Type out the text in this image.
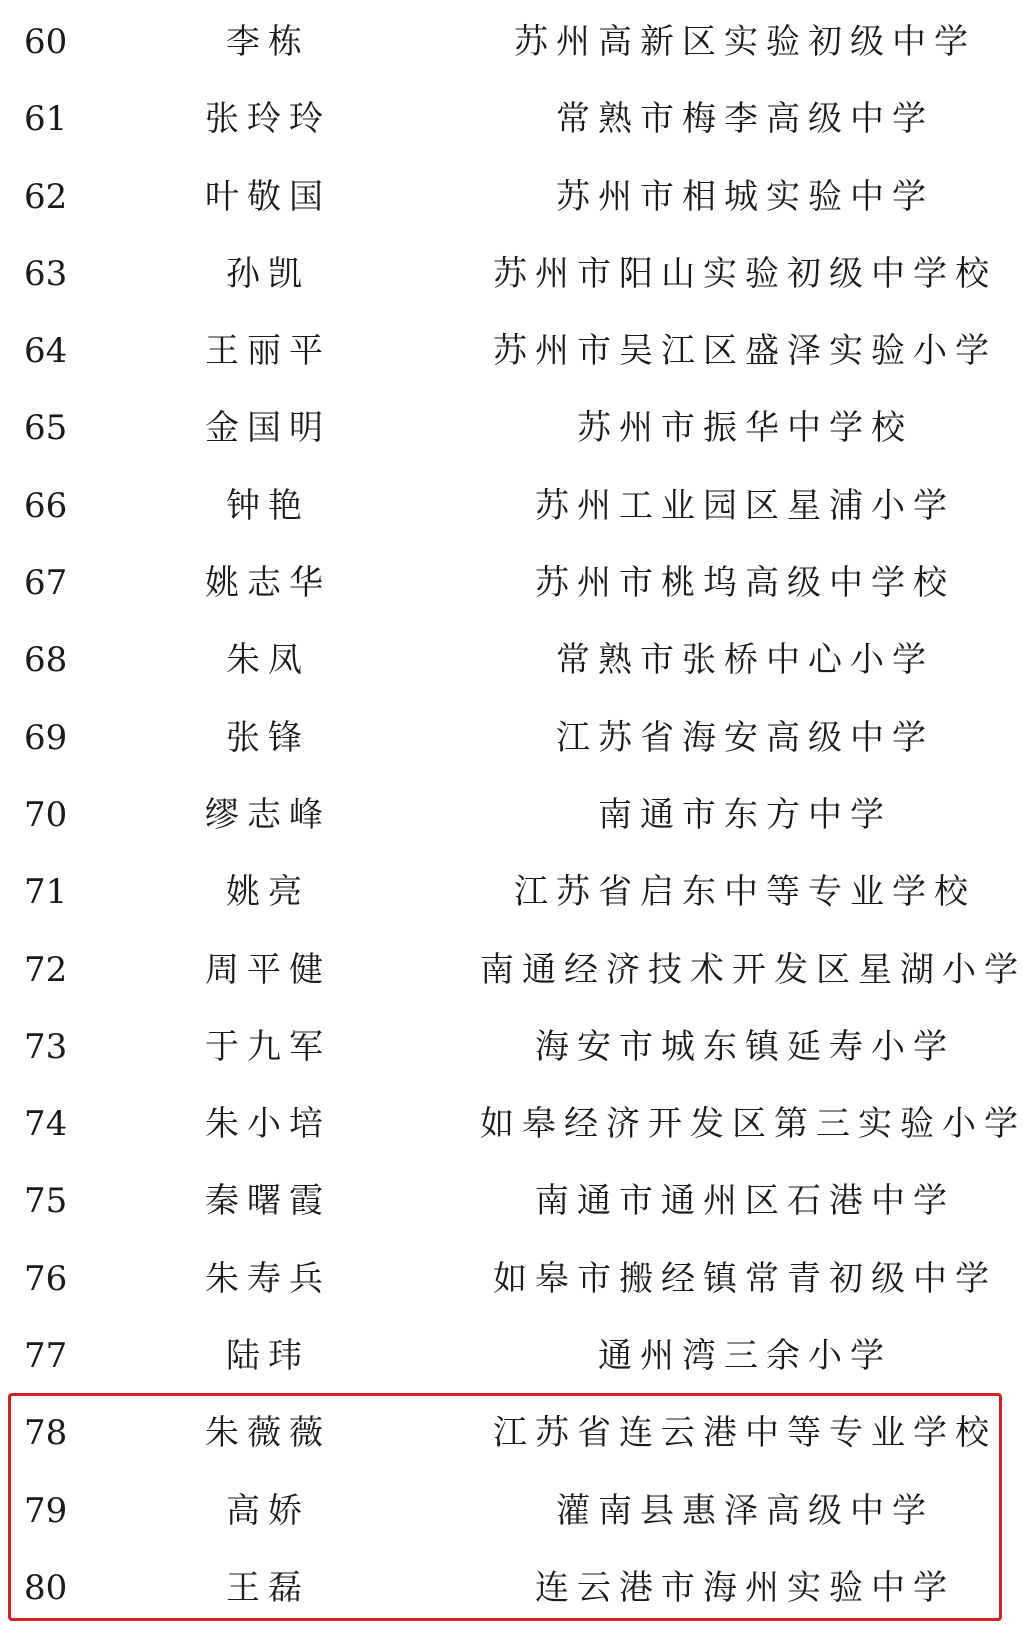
60	李栋	苏州高新区实验初级中学
61	张玲玲	常熟市梅李高级中学
62	叶敬国	苏州市相城实验中学
63	孙凯	苏州市阳山实验初级中学校
64	王丽平	苏州市吴江区盛泽实验小学
65	金国明	苏州市振华中学校
66	钟艳	苏州工业园区星浦小学
67	姚志华	苏州市桃坞高级中学校
68	朱凤	常熟市张桥中心小学
69	张锋	江苏省海安高级中学
70	缪志峰	南通市东方中学
71	姚亮	江苏省启东中等专业学校
72	周平健	南通经济技术开发区星湖小学
73	于九军	海安市城东镇延寿小学
74	朱小培	如皋经济开发区第三实验小学
75	秦曙霞	南通市通州区石港中学
76	朱寿兵	如皋市搬经镇常青初级中学
77	陆玮	通州湾三余小学
78	朱薇薇	江苏省连云港中等专业学校
79	高娇	灌南县惠泽高级中学
80	王磊	连云港市海州实验中学
